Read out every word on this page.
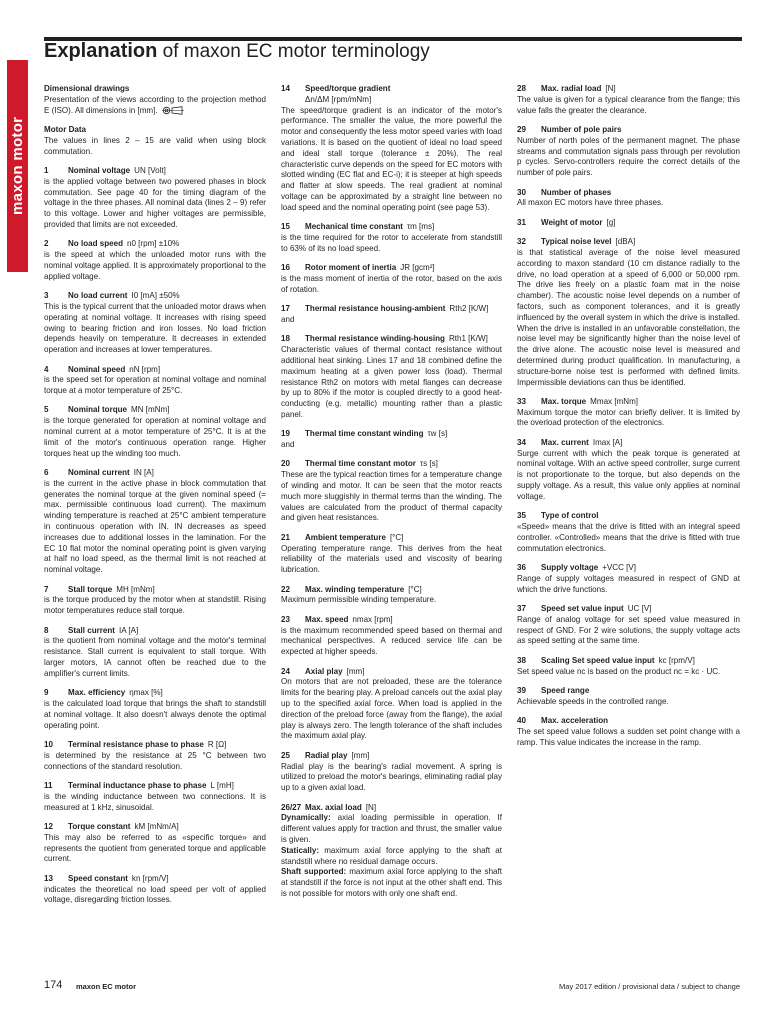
maxon motor
Explanation of maxon EC motor terminology

Dimensional drawings

Presentation of the views according to the projection method E (ISO). All dimensions in [mm].

Motor Data

The values in lines 2 – 15 are valid when using block commutation.

1 Nominal voltage UN [Volt]

is the applied voltage between two powered phases in block commutation. See page 40 for the timing diagram of the voltage in the three phases. All nominal data (lines 2 – 9) refer to this voltage. Lower and higher voltages are permissible, provided that limits are not exceeded.

2 No load speed n0 [rpm] ±10%

is the speed at which the unloaded motor runs with the nominal voltage applied. It is approximately proportional to the applied voltage.

3 No load current I0 [mA] ±50%

This is the typical current that the unloaded motor draws when operating at nominal voltage. It increases with rising speed owing to bearing friction and iron losses. No load friction depends heavily on temperature. It decreases in extended operation and increases at lower temperatures.

4 Nominal speed nN [rpm]

is the speed set for operation at nominal voltage and nominal torque at a motor temperature of 25°C.

5 Nominal torque MN [mNm]

is the torque generated for operation at nominal voltage and nominal current at a motor temperature of 25°C. It is at the limit of the motor's continuous operation range. Higher torques heat up the winding too much.

6 Nominal current IN [A]

is the current in the active phase in block commutation that generates the nominal torque at the given nominal speed (= max. permissible continuous load current). The maximum winding temperature is reached at 25°C ambient temperature in continuous operation with IN. IN decreases as speed increases due to additional losses in the lamination. For the EC 10 flat motor the nominal operating point is given varying at half no load speed, as the thermal limit is not reached at nominal voltage.

7 Stall torque MH [mNm]

is the torque produced by the motor when at standstill. Rising motor temperatures reduce stall torque.

8 Stall current IA [A]

is the quotient from nominal voltage and the motor's terminal resistance. Stall current is equivalent to stall torque. With larger motors, IA cannot often be reached due to the amplifier's current limits.

9 Max. efficiency ηmax [%]

is the calculated load torque that brings the shaft to standstill at nominal voltage. It also doesn't always denote the optimal operating point.

10 Terminal resistance phase to phase R [Ω]

is determined by the resistance at 25 °C between two connections of the standard resolution.

11 Terminal inductance phase to phase L [mH]

is the winding inductance between two connections. It is measured at 1 kHz, sinusoidal.

12 Torque constant kM [mNm/A]

This may also be referred to as «specific torque» and represents the quotient from generated torque and applicable current.

13 Speed constant kn [rpm/V]

indicates the theoretical no load speed per volt of applied voltage, disregarding friction losses.

14 Speed/torque gradient
Δn/ΔM [rpm/mNm]

The speed/torque gradient is an indicator of the motor's performance. The smaller the value, the more powerful the motor and consequently the less motor speed varies with load variations. It is based on the quotient of ideal no load speed and ideal stall torque (tolerance ± 20%). The real characteristic curve depends on the speed for EC motors with slotted winding (EC flat and EC-i); it is steeper at high speeds and flatter at slow speeds. The real gradient at nominal voltage can be approximated by a straight line between no load speed and the nominal operating point (see page 53).

15 Mechanical time constant τm [ms]

is the time required for the rotor to accelerate from standstill to 63% of its no load speed.

16 Rotor moment of inertia JR [gcm²]

is the mass moment of inertia of the rotor, based on the axis of rotation.

17 Thermal resistance housing-ambient Rth2 [K/W]

and

18 Thermal resistance winding-housing Rth1 [K/W]

Characteristic values of thermal contact resistance without additional heat sinking. Lines 17 and 18 combined define the maximum heating at a given power loss (load). Thermal resistance Rth2 on motors with metal flanges can decrease by up to 80% if the motor is coupled directly to a good heat-conducting (e.g. metallic) mounting rather than a plastic panel.

19 Thermal time constant winding τw [s]

and

20 Thermal time constant motor τs [s]

These are the typical reaction times for a temperature change of winding and motor. It can be seen that the motor reacts much more sluggishly in thermal terms than the winding. The values are calculated from the product of thermal capacity and given heat resistances.

21 Ambient temperature [°C]

Operating temperature range. This derives from the heat reliability of the materials used and viscosity of bearing lubrication.

22 Max. winding temperature [°C]

Maximum permissible winding temperature.

23 Max. speed nmax [rpm]

is the maximum recommended speed based on thermal and mechanical perspectives. A reduced service life can be expected at higher speeds.

24 Axial play [mm]

On motors that are not preloaded, these are the tolerance limits for the bearing play. A preload cancels out the axial play up to the specified axial force. When load is applied in the direction of the preload force (away from the flange), the axial play is always zero. The length tolerance of the shaft includes the maximum axial play.

25 Radial play [mm]

Radial play is the bearing's radial movement. A spring is utilized to preload the motor's bearings, eliminating radial play up to a given axial load.

26/27 Max. axial load [N]

Dynamically: axial loading permissible in operation. If different values apply for traction and thrust, the smaller value is given.

Statically: maximum axial force applying to the shaft at standstill where no residual damage occurs.

Shaft supported: maximum axial force applying to the shaft at standstill if the force is not input at the other shaft end. This is not possible for motors with only one shaft end.

28 Max. radial load [N]

The value is given for a typical clearance from the flange; this value falls the greater the clearance.

29 Number of pole pairs

Number of north poles of the permanent magnet. The phase streams and commutation signals pass through per revolution p cycles. Servo-controllers require the correct details of the number of pole pairs.

30 Number of phases

All maxon EC motors have three phases.

31 Weight of motor [g]

32 Typical noise level [dBA]

is that statistical average of the noise level measured according to maxon standard (10 cm distance radially to the drive, no load operation at a speed of 6,000 or 50,000 rpm. The drive lies freely on a plastic foam mat in the noise chamber). The acoustic noise level depends on a number of factors, such as component tolerances, and it is greatly influenced by the overall system in which the drive is installed. When the drive is installed in an unfavorable constellation, the noise level may be significantly higher than the noise level of the drive alone. The acoustic noise level is measured and determined during product qualification. In manufacturing, a structure-borne noise test is performed with defined limits. Impermissible deviations can thus be identified.

33 Max. torque Mmax [mNm]

Maximum torque the motor can briefly deliver. It is limited by the overload protection of the electronics.

34 Max. current Imax [A]

Surge current with which the peak torque is generated at nominal voltage. With an active speed controller, surge current is not proportionate to the torque, but also depends on the supply voltage. As a result, this value only applies at nominal voltage.

35 Type of control

«Speed» means that the drive is fitted with an integral speed controller. «Controlled» means that the drive is fitted with true commutation electronics.

36 Supply voltage +VCC [V]

Range of supply voltages measured in respect of GND at which the drive functions.

37 Speed set value input UC [V]

Range of analog voltage for set speed value measured in respect of GND. For 2 wire solutions, the supply voltage acts as speed setting at the same time.

38 Scaling Set speed value input kc [rpm/V]

Set speed value nc is based on the product nc = kc · UC.

39 Speed range

Achievable speeds in the controlled range.

40 Max. acceleration

The set speed value follows a sudden set point change with a ramp. This value indicates the increase in the ramp.

174 maxon EC motor	May 2017 edition / provisional data / subject to change
